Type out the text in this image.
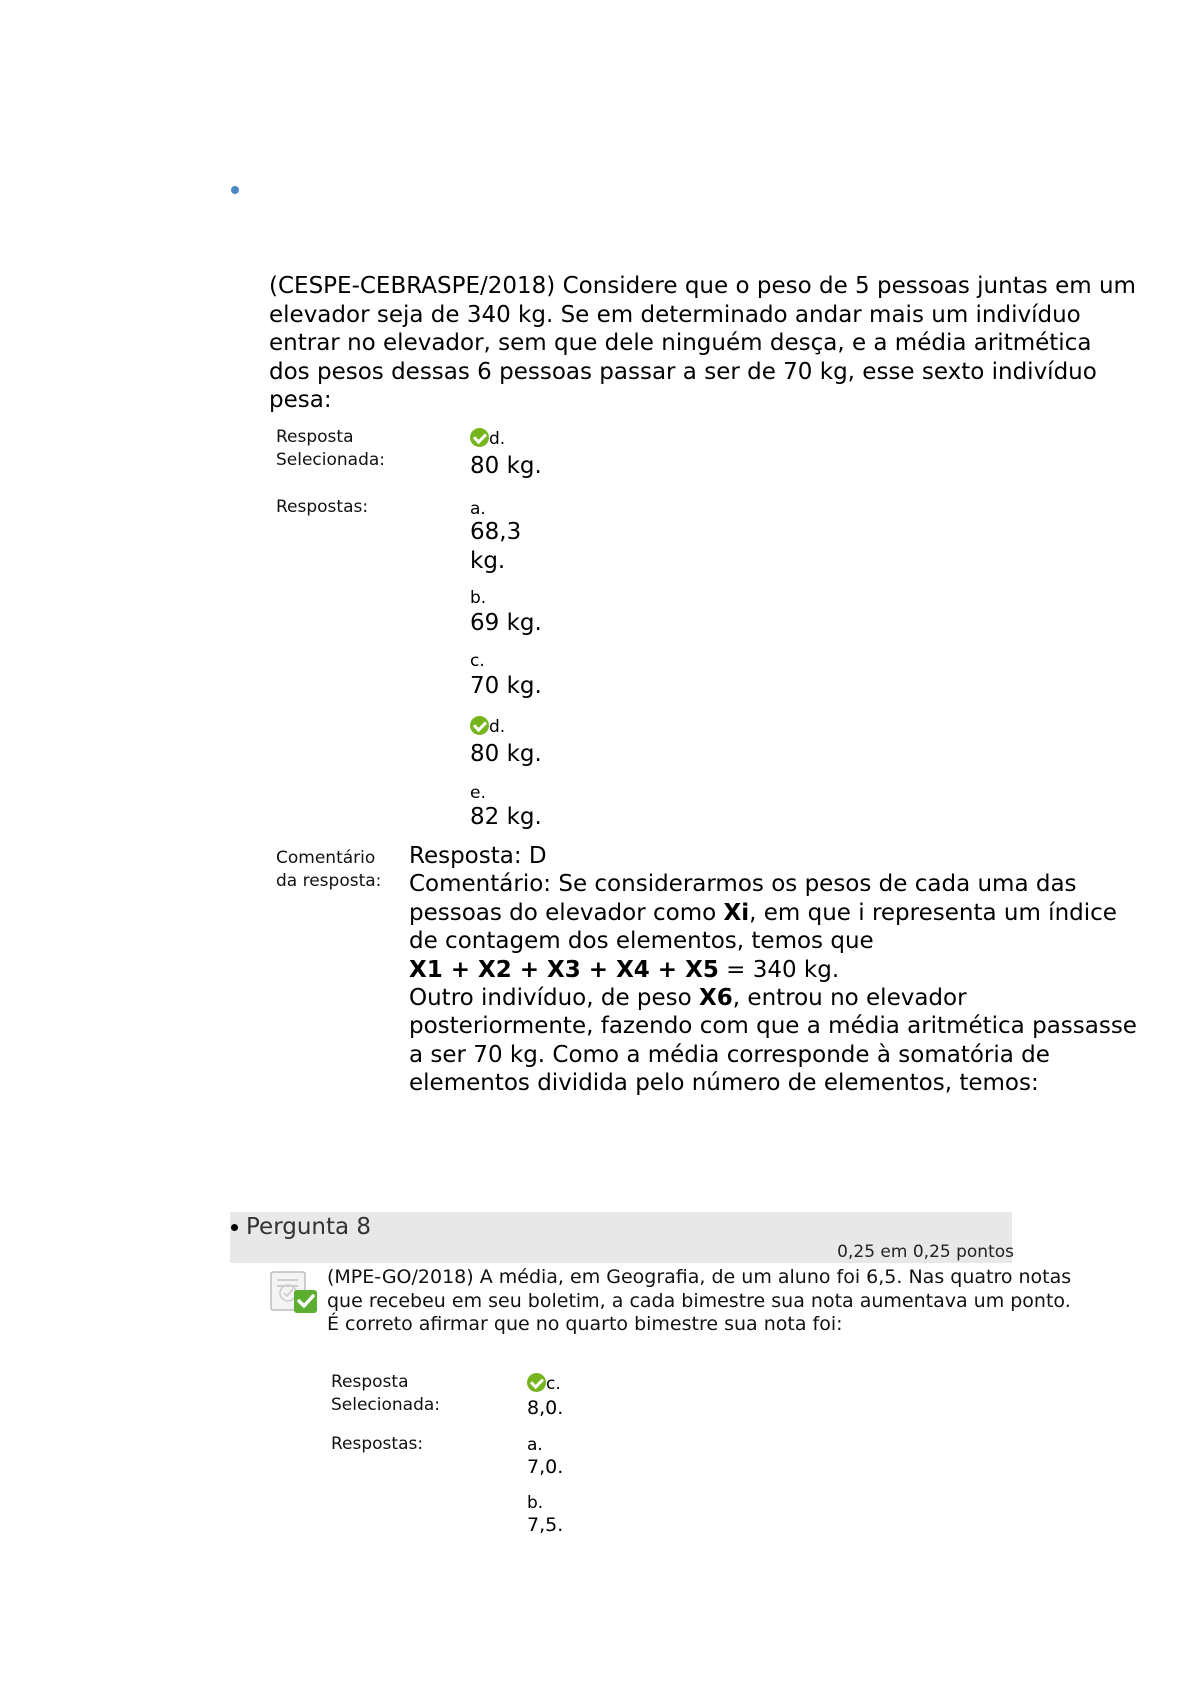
(CESPE-CEBRASPE/2018) Considere que o peso de 5 pessoas juntas em um elevador seja de 340 kg. Se em determinado andar mais um indivíduo entrar no elevador, sem que dele ninguém desça, e a média aritmética dos pesos dessas 6 pessoas passar a ser de 70 kg, esse sexto indivíduo pesa:
Resposta
Selecionada:
d.
80 kg.
Respostas:	a.
68,3
kg.
b.
69 kg.
c.
70 kg.
d.
80 kg.
e.
82 kg.
Comentário
da resposta:
Resposta: D
Comentário: Se considerarmos os pesos de cada uma das pessoas do elevador como Xi, em que i representa um índice de contagem dos elementos, temos que
X1 + X2 + X3 + X4 + X5 = 340 kg.
Outro indivíduo, de peso X6, entrou no elevador posteriormente, fazendo com que a média aritmética passasse a ser 70 kg. Como a média corresponde à somatória de elementos dividida pelo número de elementos, temos:
Pergunta 8
0,25 em 0,25 pontos
(MPE-GO/2018) A média, em Geografia, de um aluno foi 6,5. Nas quatro notas que recebeu em seu boletim, a cada bimestre sua nota aumentava um ponto. É correto afirmar que no quarto bimestre sua nota foi:
Resposta
Selecionada:
c.
8,0.
Respostas:	a.
7,0.
b.
7,5.
